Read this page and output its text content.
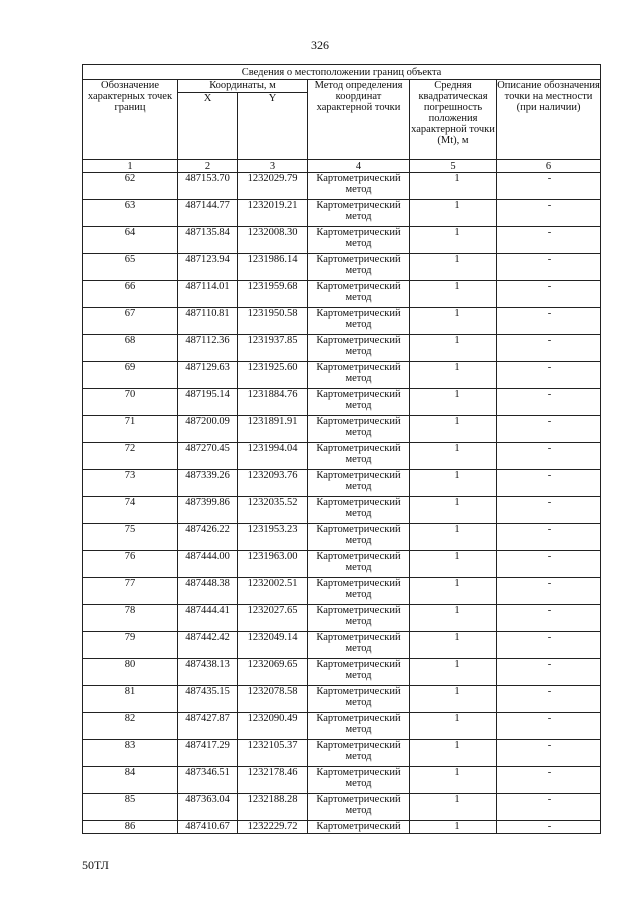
326
Сведения о местоположении границ объекта					
Обозначение характерных точек границ	Координаты, м		Метод определения координат характерной точки	Средняя квадратическая погрешность положения характерной точки (Mt), м	Описание обозначения точки на местности (при наличии)
	X	Y			
1	2	3	4	5	6
62	487153.70	1232029.79	Картометрический метод	1	-
63	487144.77	1232019.21	Картометрический метод	1	-
64	487135.84	1232008.30	Картометрический метод	1	-
65	487123.94	1231986.14	Картометрический метод	1	-
66	487114.01	1231959.68	Картометрический метод	1	-
67	487110.81	1231950.58	Картометрический метод	1	-
68	487112.36	1231937.85	Картометрический метод	1	-
69	487129.63	1231925.60	Картометрический метод	1	-
70	487195.14	1231884.76	Картометрический метод	1	-
71	487200.09	1231891.91	Картометрический метод	1	-
72	487270.45	1231994.04	Картометрический метод	1	-
73	487339.26	1232093.76	Картометрический метод	1	-
74	487399.86	1232035.52	Картометрический метод	1	-
75	487426.22	1231953.23	Картометрический метод	1	-
76	487444.00	1231963.00	Картометрический метод	1	-
77	487448.38	1232002.51	Картометрический метод	1	-
78	487444.41	1232027.65	Картометрический метод	1	-
79	487442.42	1232049.14	Картометрический метод	1	-
80	487438.13	1232069.65	Картометрический метод	1	-
81	487435.15	1232078.58	Картометрический метод	1	-
82	487427.87	1232090.49	Картометрический метод	1	-
83	487417.29	1232105.37	Картометрический метод	1	-
84	487346.51	1232178.46	Картометрический метод	1	-
85	487363.04	1232188.28	Картометрический метод	1	-
86	487410.67	1232229.72	Картометрический	1	-
50ТЛ
